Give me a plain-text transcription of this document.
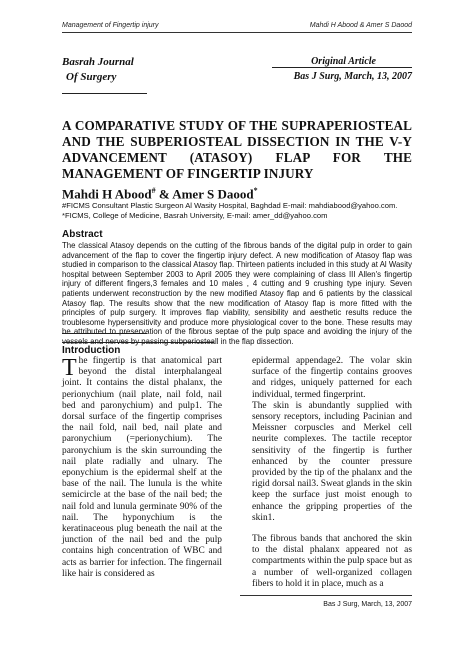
Management of Fingertip injury	Mahdi H Abood & Amer S Daood
Basrah Journal
Of Surgery
Original Article
Bas J Surg, March, 13, 2007
A COMPARATIVE STUDY OF THE SUPRAPERIOSTEAL AND THE SUBPERIOSTEAL DISSECTION IN THE V-Y ADVANCEMENT (ATASOY) FLAP FOR THE MANAGEMENT OF FINGERTIP INJURY
Mahdi H Abood# & Amer S Daood*
#FICMS Consultant Plastic Surgeon Al Wasity Hospital, Baghdad E-mail: mahdiabood@yahoo.com.
*FICMS, College of Medicine, Basrah University, E-mail: amer_dd@yahoo.com
Abstract

The classical Atasoy depends on the cutting of the fibrous bands of the digital pulp in order to gain advancement of the flap to cover the fingertip injury defect. A new modification of Atasoy flap was studied in comparison to the classical Atasoy flap. Thirteen patients included in this study at Al Wasity hospital between September 2003 to April 2005 they were complaining of class III Allen's fingertip injury of different fingers,3 females and 10 males , 4 cutting and 9 crushing type injury. Seven patients underwent reconstruction by the new modified Atasoy flap and 6 patients by the classical Atasoy flap. The results show that the new modification of Atasoy flap is more fitted with the principles of pulp surgery. It improves flap viability, sensibility and aesthetic results reduce the troublesome hypersensitivity and produce more physiological cover to the bone. These results may be attributed to preservation of the fibrous septae of the pulp space and avoiding the injury of the vessels and nerves by passing subperiosteall in the flap dissection.

Introduction

The fingertip is that anatomical part beyond the distal interphalangeal joint. It contains the distal phalanx, the perionychium (nail plate, nail fold, nail bed and paronychium) and pulp1. The dorsal surface of the fingertip comprises the nail fold, nail bed, nail plate and paronychium (=perionychium). The paronychium is the skin surrounding the nail plate radially and ulnary. The eponychium is the epidermal shelf at the base of the nail. The lunula is the white semicircle at the base of the nail bed; the nail fold and lunula germinate 90% of the nail. The hyponychium is the keratinaceous plug beneath the nail at the junction of the nail bed and the pulp contains high concentration of WBC and acts as barrier for infection. The fingernail like hair is considered as

epidermal appendage2. The volar skin surface of the fingertip contains grooves and ridges, uniquely patterned for each individual, termed fingerprint.

The skin is abundantly supplied with sensory receptors, including Pacinian and Meissner corpuscles and Merkel cell neurite complexes. The tactile receptor sensitivity of the fingertip is further enhanced by the counter pressure provided by the tip of the phalanx and the rigid dorsal nail3. Sweat glands in the skin keep the surface just moist enough to enhance the gripping properties of the skin1.

The fibrous bands that anchored the skin to the distal phalanx appeared not as compartments within the pulp space but as a number of well-organized collagen fibers to hold it in place, much as a

Bas J Surg, March, 13, 2007
